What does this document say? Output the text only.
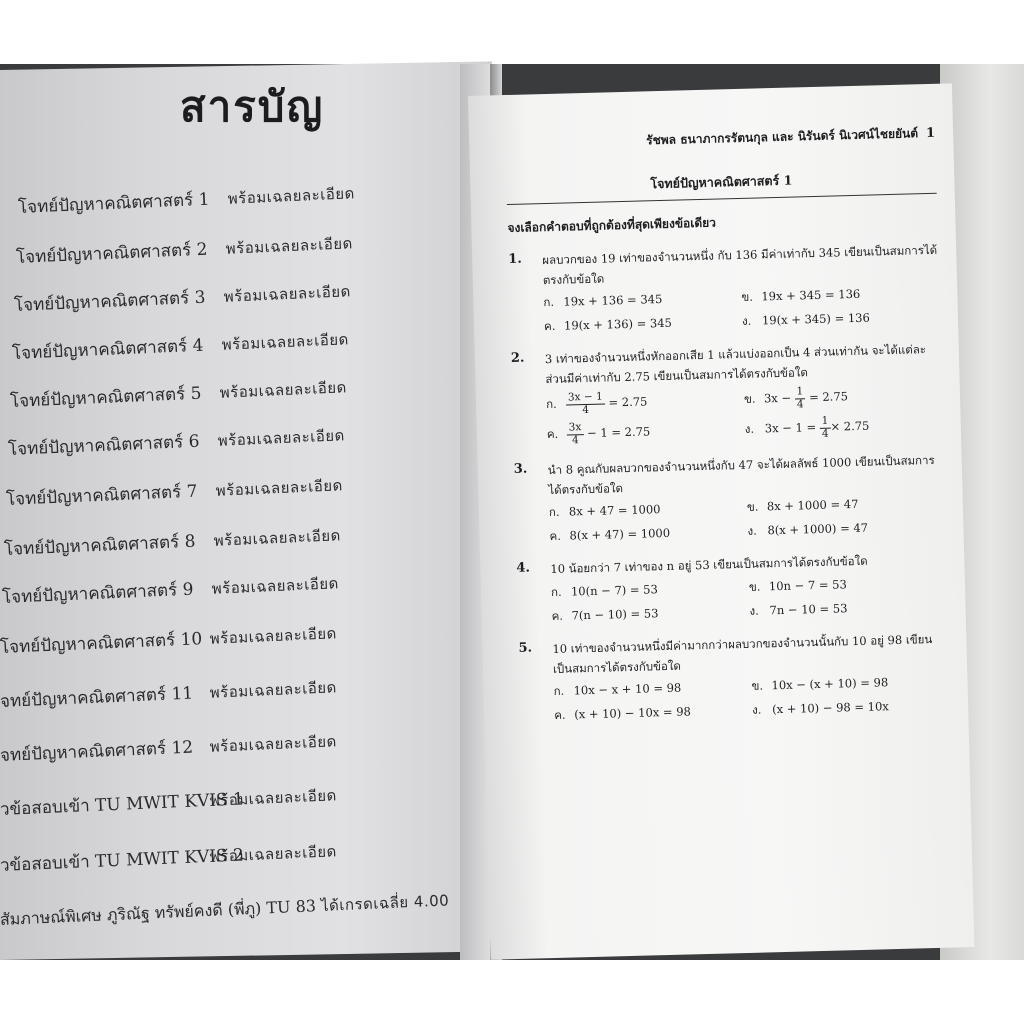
สารบัญ
โจทย์ปัญหาคณิตศาสตร์ 1 พร้อมเฉลยละเอียด
โจทย์ปัญหาคณิตศาสตร์ 2 พร้อมเฉลยละเอียด
โจทย์ปัญหาคณิตศาสตร์ 3 พร้อมเฉลยละเอียด
โจทย์ปัญหาคณิตศาสตร์ 4 พร้อมเฉลยละเอียด
โจทย์ปัญหาคณิตศาสตร์ 5 พร้อมเฉลยละเอียด
โจทย์ปัญหาคณิตศาสตร์ 6 พร้อมเฉลยละเอียด
โจทย์ปัญหาคณิตศาสตร์ 7 พร้อมเฉลยละเอียด
โจทย์ปัญหาคณิตศาสตร์ 8 พร้อมเฉลยละเอียด
โจทย์ปัญหาคณิตศาสตร์ 9 พร้อมเฉลยละเอียด
โจทย์ปัญหาคณิตศาสตร์ 10 พร้อมเฉลยละเอียด
จทย์ปัญหาคณิตศาสตร์ 11 พร้อมเฉลยละเอียด
จทย์ปัญหาคณิตศาสตร์ 12 พร้อมเฉลยละเอียด
วข้อสอบเข้า TU MWIT KVIS 1พร้อมเฉลยละเอียด
วข้อสอบเข้า TU MWIT KVIS 2พร้อมเฉลยละเอียด
สัมภาษณ์พิเศษ ภูริณัฐ ทรัพย์คงดี (พี่ภู) TU 83 ได้เกรดเฉลี่ย 4.00
รัชพล ธนาภากรรัตนกุล และ นิรันดร์ นิเวศน์ไชยยันต์ 1
โจทย์ปัญหาคณิตศาสตร์ 1
จงเลือกคำตอบที่ถูกต้องที่สุดเพียงข้อเดียว
1.	ผลบวกของ 19 เท่าของจำนวนหนึ่ง กับ 136 มีค่าเท่ากับ 345 เขียนเป็นสมการได้ตรงกับข้อใด
ก. 19x + 136 = 345	ข. 19x + 345 = 136
ค. 19(x + 136) = 345	ง. 19(x + 345) = 136
2.	3 เท่าของจำนวนหนึ่งหักออกเสีย 1 แล้วแบ่งออกเป็น 4 ส่วนเท่ากัน จะได้แต่ละส่วนมีค่าเท่ากับ 2.75 เขียนเป็นสมการได้ตรงกับข้อใด
ก. $\frac{3x - 1}{4} = 2.75$	ข. $3x - \frac{1}{4} = 2.75$
ค. $\frac{3x}{4} - 1 = 2.75$	ง. $3x - 1 = \frac{1}{4} \times 2.75$
3.	นำ 8 คูณกับผลบวกของจำนวนหนึ่งกับ 47 จะได้ผลลัพธ์ 1000 เขียนเป็นสมการได้ตรงกับข้อใด
ก. 8x + 47 = 1000	ข. 8x + 1000 = 47
ค. 8(x + 47) = 1000	ง. 8(x + 1000) = 47
4.	10 น้อยกว่า 7 เท่าของ n อยู่ 53 เขียนเป็นสมการได้ตรงกับข้อใด
ก. 10(n − 7) = 53	ข. 10n − 7 = 53
ค. 7(n − 10) = 53	ง. 7n − 10 = 53
5.	10 เท่าของจำนวนหนึ่งมีค่ามากกว่าผลบวกของจำนวนนั้นกับ 10 อยู่ 98 เขียนเป็นสมการได้ตรงกับข้อใด
ก. 10x − x + 10 = 98	ข. 10x − (x + 10) = 98
ค. (x + 10) − 10x = 98	ง. (x + 10) − 98 = 10x
